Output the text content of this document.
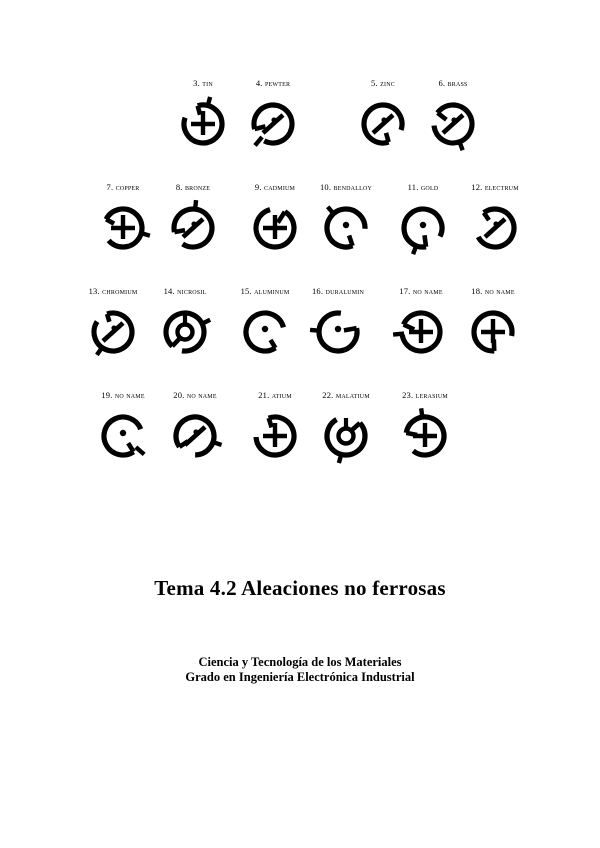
3. tin	4. pewter	5. zinc	6. brass
7. copper	8. bronze	9. cadmium	10. bendalloy	11. gold	12. electrum
13. chromium	14. nicrosil	15. aluminum	16. duralumin	17. no name	18. no name
19. no name	20. no name	21. atium	22. malatium	23. lerasium
Tema 4.2 Aleaciones no ferrosas
Ciencia y Tecnología de los Materiales
Grado en Ingeniería Electrónica Industrial
